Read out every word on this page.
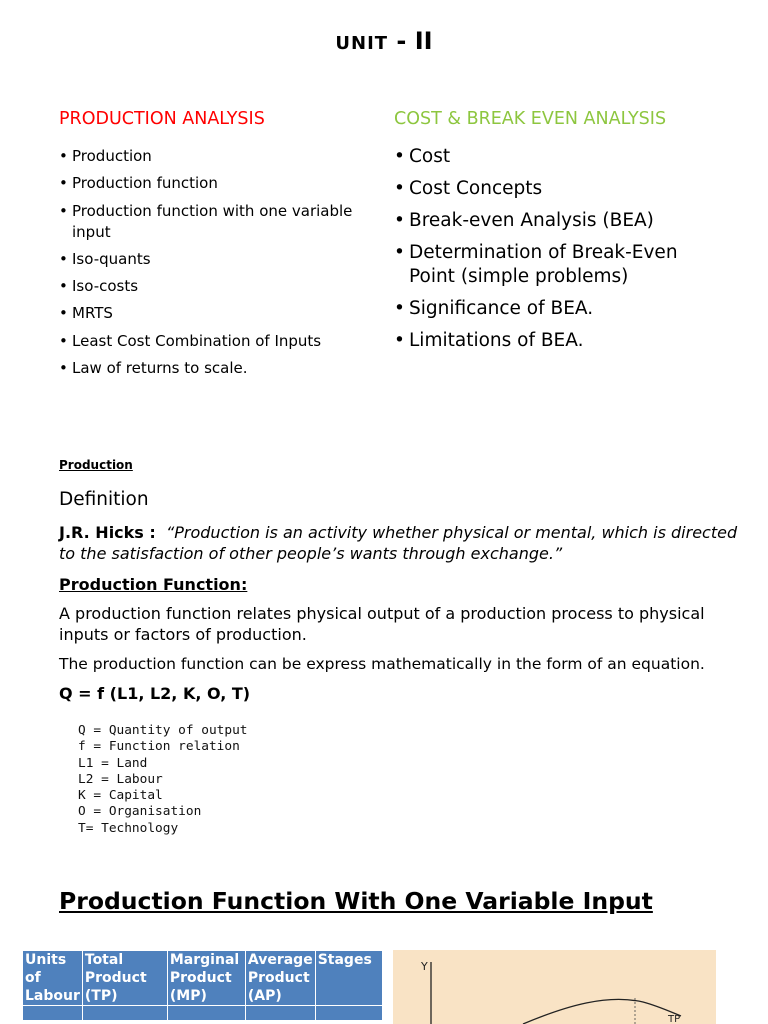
UNIT - II
PRODUCTION ANALYSIS	COST & BREAK EVEN ANALYSIS
• Production
• Production function
• Production function with one variable input
• Iso-quants
• Iso-costs
• MRTS
• Least Cost Combination of Inputs
• Law of returns to scale.
• Cost
• Cost Concepts
• Break-even Analysis (BEA)
• Determination of Break-Even Point (simple problems)
• Significance of BEA.
• Limitations of BEA.
Production
Definition
J.R. Hicks : “Production is an activity whether physical or mental, which is directed to the satisfaction of other people’s wants through exchange.”
Production Function:
A production function relates physical output of a production process to physical inputs or factors of production.
The production function can be express mathematically in the form of an equation.
Q = f (L1, L2, K, O, T)
Q = Quantity of output
f = Function relation
L1 = Land
L2 = Labour
K = Capital
O = Organisation
T= Technology
Production Function With One Variable Input
Units of Labour	Total Product (TP)	Marginal Product (MP)	Average Product (AP)	Stages
					Y
TP
